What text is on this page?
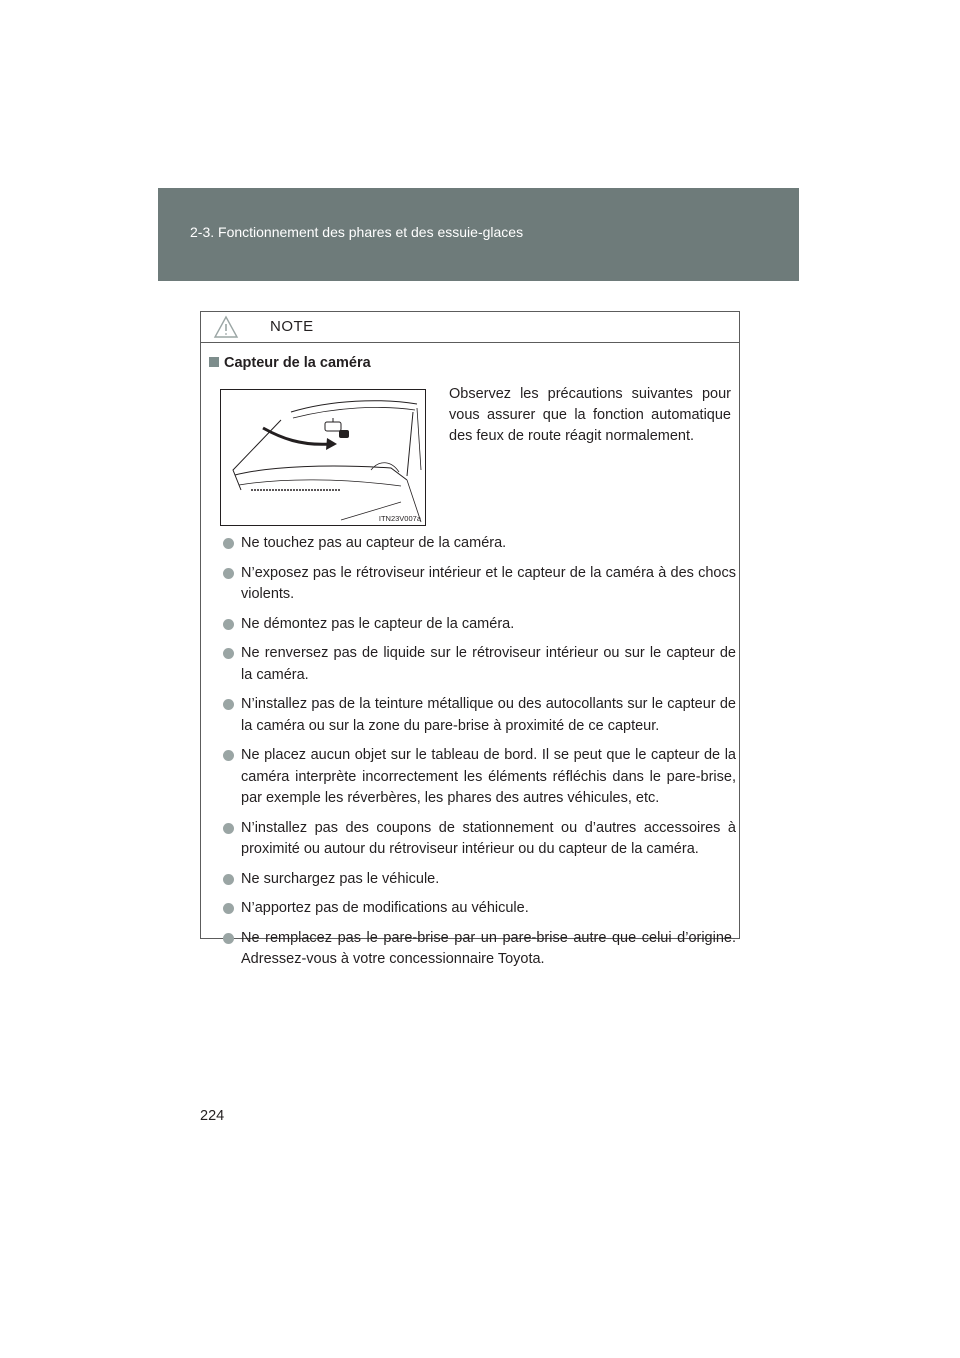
2-3. Fonctionnement des phares et des essuie-glaces
NOTE
Capteur de la caméra
ITN23V007a
Observez les précautions suivantes pour vous assurer que la fonction automatique des feux de route réagit normalement.
Ne touchez pas au capteur de la caméra.
N’exposez pas le rétroviseur intérieur et le capteur de la caméra à des chocs violents.
Ne démontez pas le capteur de la caméra.
Ne renversez pas de liquide sur le rétroviseur intérieur ou sur le capteur de la caméra.
N’installez pas de la teinture métallique ou des autocollants sur le capteur de la caméra ou sur la zone du pare-brise à proximité de ce capteur.
Ne placez aucun objet sur le tableau de bord. Il se peut que le capteur de la caméra interprète incorrectement les éléments réfléchis dans le pare-brise, par exemple les réverbères, les phares des autres véhicules, etc.
N’installez pas des coupons de stationnement ou d’autres accessoires à proximité ou autour du rétroviseur intérieur ou du capteur de la caméra.
Ne surchargez pas le véhicule.
N’apportez pas de modifications au véhicule.
Ne remplacez pas le pare-brise par un pare-brise autre que celui d’origine. Adressez-vous à votre concessionnaire Toyota.
224
